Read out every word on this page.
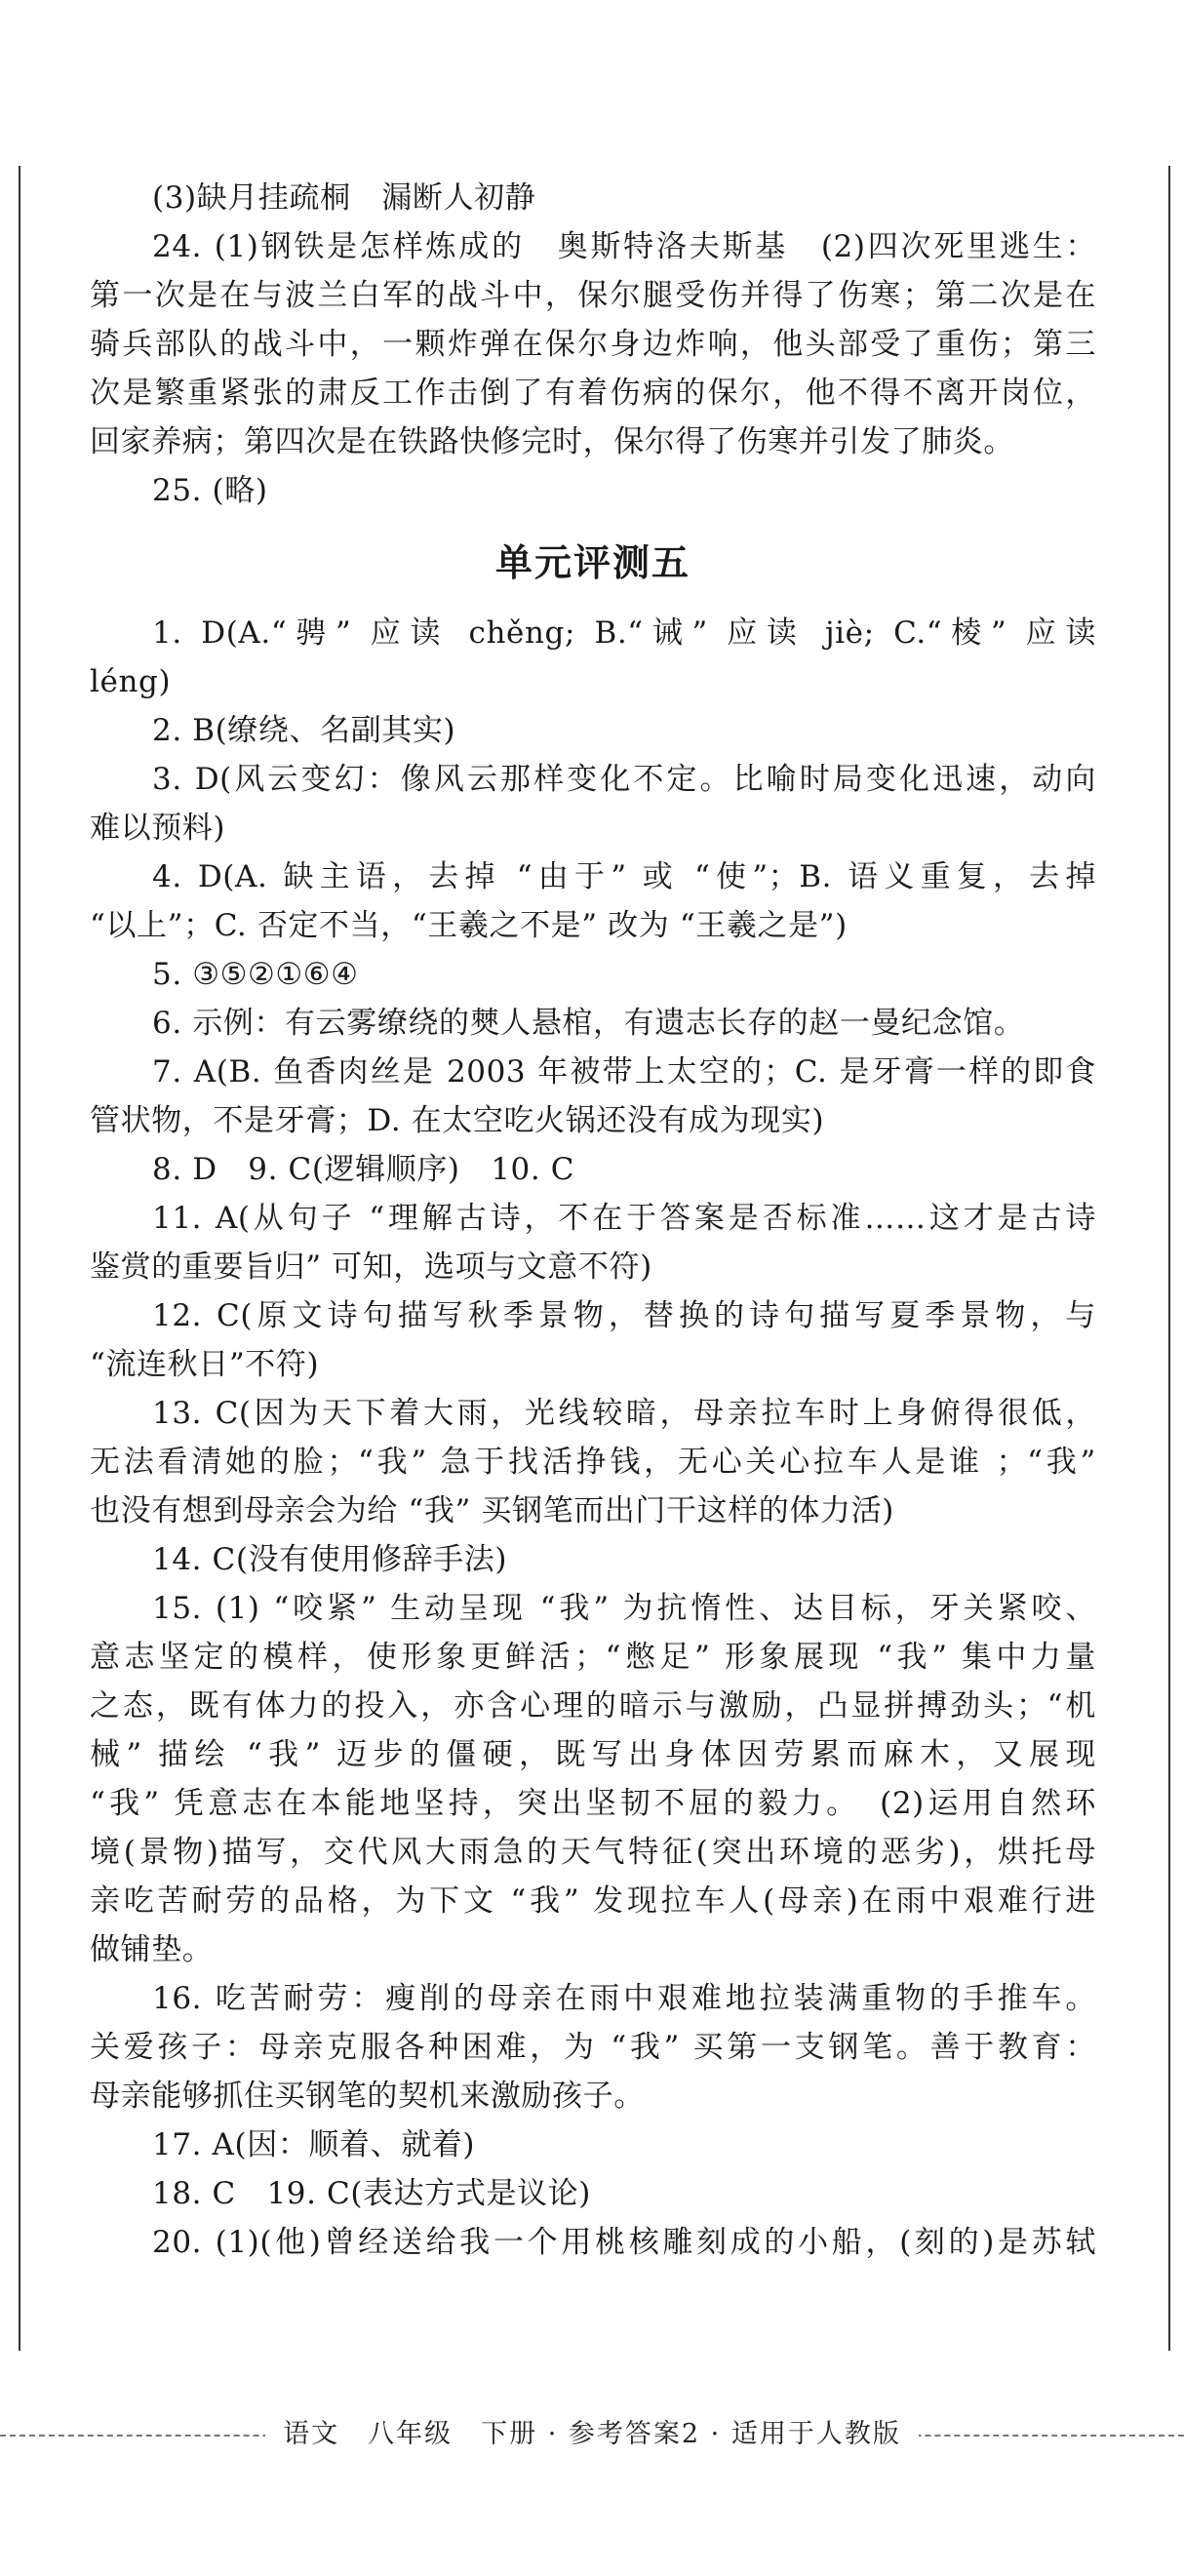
(3)缺月挂疏桐　漏断人初静
24. (1)钢铁是怎样炼成的　奥斯特洛夫斯基　(2)四次死里逃生：
第一次是在与波兰白军的战斗中，保尔腿受伤并得了伤寒；第二次是在
骑兵部队的战斗中，一颗炸弹在保尔身边炸响，他头部受了重伤；第三
次是繁重紧张的肃反工作击倒了有着伤病的保尔，他不得不离开岗位，
回家养病；第四次是在铁路快修完时，保尔得了伤寒并引发了肺炎。
25. (略)
单元评测五
1. D(A.“骋” 应读 chěng; B.“诫” 应读 jiè; C.“棱” 应读
léng)
2. B(缭绕、名副其实)
3. D(风云变幻：像风云那样变化不定。比喻时局变化迅速，动向
难以预料)
4. D(A. 缺主语，去掉 “由于” 或 “使”；B. 语义重复，去掉
“以上”；C. 否定不当，“王羲之不是” 改为 “王羲之是”)
5. ③⑤②①⑥④
6. 示例：有云雾缭绕的僰人悬棺，有遗志长存的赵一曼纪念馆。
7. A(B. 鱼香肉丝是 2003 年被带上太空的；C. 是牙膏一样的即食
管状物，不是牙膏；D. 在太空吃火锅还没有成为现实)
8. D　9. C(逻辑顺序)　10. C
11. A(从句子 “理解古诗，不在于答案是否标准……这才是古诗
鉴赏的重要旨归” 可知，选项与文意不符)
12. C(原文诗句描写秋季景物，替换的诗句描写夏季景物，与
“流连秋日”不符)
13. C(因为天下着大雨，光线较暗，母亲拉车时上身俯得很低，
无法看清她的脸；“我” 急于找活挣钱，无心关心拉车人是谁 ；“我”
也没有想到母亲会为给 “我” 买钢笔而出门干这样的体力活)
14. C(没有使用修辞手法)
15. (1) “咬紧” 生动呈现 “我” 为抗惰性、达目标，牙关紧咬、
意志坚定的模样，使形象更鲜活；“憋足” 形象展现 “我” 集中力量
之态，既有体力的投入，亦含心理的暗示与激励，凸显拼搏劲头；“机
械” 描绘 “我” 迈步的僵硬，既写出身体因劳累而麻木，又展现
“我” 凭意志在本能地坚持，突出坚韧不屈的毅力。　(2)运用自然环
境(景物)描写，交代风大雨急的天气特征(突出环境的恶劣)，烘托母
亲吃苦耐劳的品格，为下文 “我” 发现拉车人(母亲)在雨中艰难行进
做铺垫。
16. 吃苦耐劳：瘦削的母亲在雨中艰难地拉装满重物的手推车。
关爱孩子：母亲克服各种困难，为 “我” 买第一支钢笔。善于教育：
母亲能够抓住买钢笔的契机来激励孩子。
17. A(因：顺着、就着)
18. C　19. C(表达方式是议论)
20. (1)(他)曾经送给我一个用桃核雕刻成的小船，(刻的)是苏轼
语文　八年级　下册 · 参考答案2 · 适用于人教版
